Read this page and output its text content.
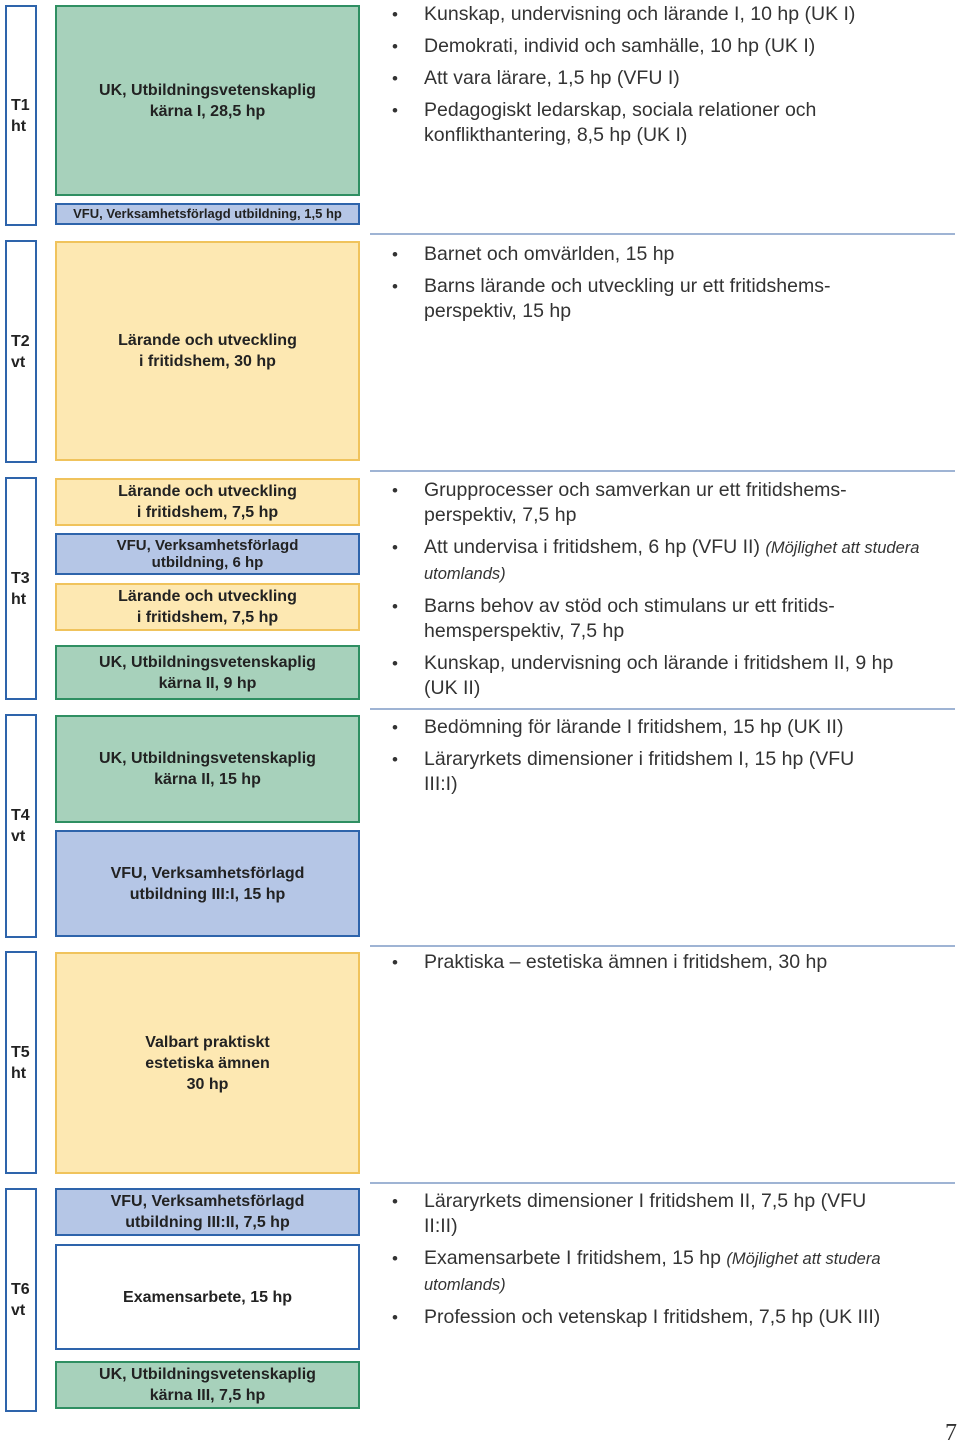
T1
ht
T2
vt
T3
ht
T4
vt
T5
ht
T6
vt
UK, Utbildningsvetenskaplig
kärna I, 28,5 hp
VFU, Verksamhetsförlagd utbildning, 1,5 hp
Lärande och utveckling
i fritidshem, 30 hp
Lärande och utveckling
i fritidshem, 7,5 hp
VFU, Verksamhetsförlagd
utbildning, 6 hp
Lärande och utveckling
i fritidshem, 7,5 hp
UK, Utbildningsvetenskaplig
kärna II, 9 hp
UK, Utbildningsvetenskaplig
kärna II, 15 hp
VFU, Verksamhetsförlagd
utbildning III:I, 15 hp
Valbart praktiskt
estetiska ämnen
30 hp
VFU, Verksamhetsförlagd
utbildning III:II, 7,5 hp
Examensarbete, 15 hp
UK, Utbildningsvetenskaplig
kärna III, 7,5 hp
• Kunskap, undervisning och lärande I, 10 hp (UK I)
• Demokrati, individ och samhälle, 10 hp (UK I)
• Att vara lärare, 1,5 hp (VFU I)
• Pedagogiskt ledarskap, sociala relationer och konflikthantering, 8,5 hp (UK I)
• Barnet och omvärlden, 15 hp
• Barns lärande och utveckling ur ett fritidshems-perspektiv, 15 hp
• Grupprocesser och samverkan ur ett fritidshems-perspektiv, 7,5 hp
• Att undervisa i fritidshem, 6 hp (VFU II) (Möjlighet att studera utomlands)
• Barns behov av stöd och stimulans ur ett fritids-hemsperspektiv, 7,5 hp
• Kunskap, undervisning och lärande i fritidshem II, 9 hp (UK II)
• Bedömning för lärande I fritidshem, 15 hp (UK II)
• Läraryrkets dimensioner i fritidshem I, 15 hp (VFU III:I)
• Praktiska – estetiska ämnen i fritidshem, 30 hp
• Läraryrkets dimensioner I fritidshem II, 7,5 hp (VFU II:II)
• Examensarbete I fritidshem, 15 hp (Möjlighet att studera utomlands)
• Profession och vetenskap I fritidshem, 7,5 hp (UK III)
7
